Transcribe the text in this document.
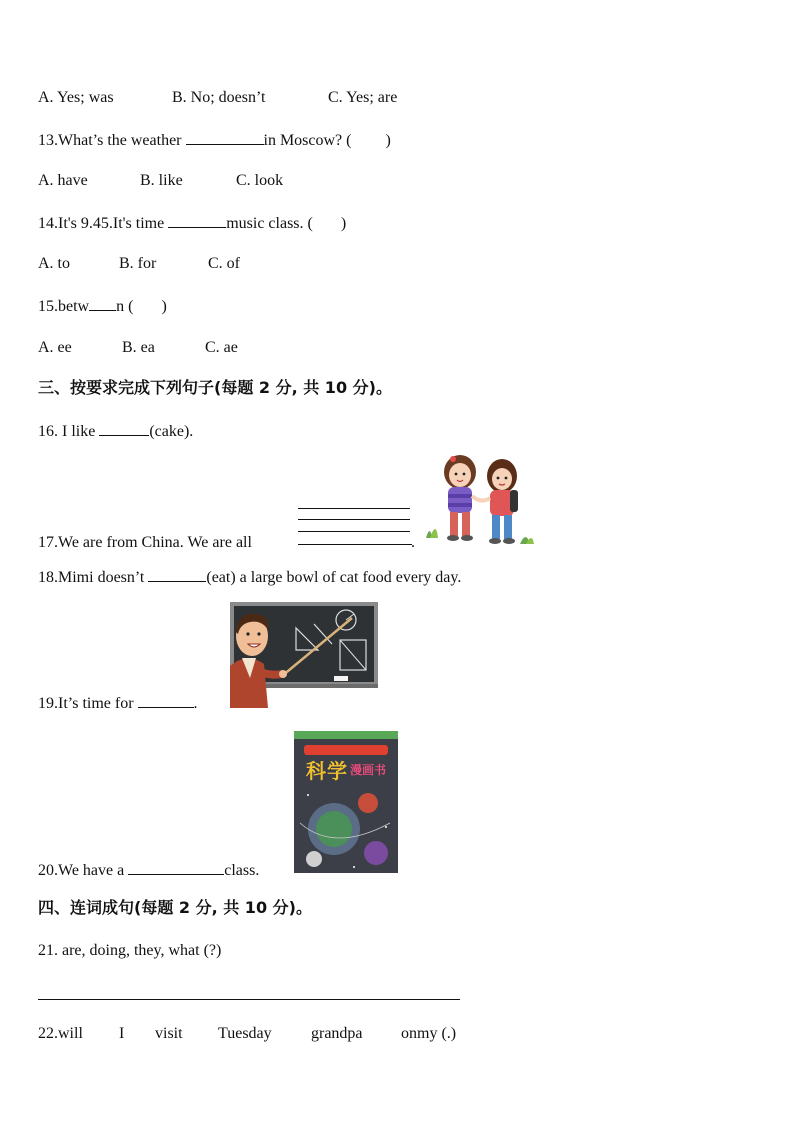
A. Yes; was	B. No; doesn’t	C. Yes; are
13.What’s the weather	in Moscow? ( )
A. have	B. like	C. look
14.It's 9.45.It's time	music class. ( )
A. to	B. for	C. of
15.betw n ( )
A. ee	B. ea	C. ae
三、按要求完成下列句子(每题 2 分, 共 10 分)。
16. I like	(cake).
17.We are from China. We are all	.
18.Mimi doesn’t	(eat) a large bowl of cat food every day.
19.It’s time for	.
科学 漫画书
20.We have a	class.
四、连词成句(每题 2 分, 共 10 分)。
21. are, doing, they, what (?)
22.will I visit Tuesday grandpa onmy (.)
